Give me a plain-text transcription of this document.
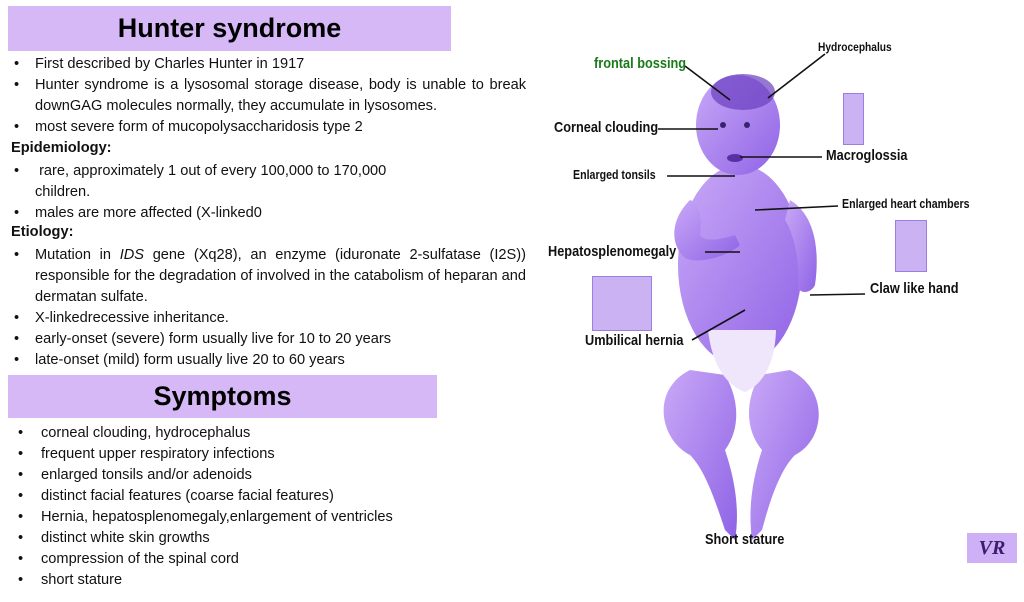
Hunter syndrome
• First described by Charles Hunter in 1917
• Hunter syndrome is a lysosomal storage disease, body is unable to break downGAG molecules normally, they accumulate in lysosomes.
• most severe form of mucopolysaccharidosis type 2
Epidemiology:
•  rare, approximately 1 out of every 100,000 to 170,000 children.
• males are more affected (X-linked0
Etiology:
• Mutation in IDS gene (Xq28), an enzyme (iduronate 2-sulfatase (I2S)) responsible for the degradation of involved in the catabolism of heparan and dermatan sulfate.
• X-linkedrecessive inheritance.
• early-onset (severe) form usually live for 10 to 20 years
• late-onset (mild) form usually live 20 to 60 years
Symptoms
• corneal clouding, hydrocephalus
• frequent upper respiratory infections
• enlarged tonsils and/or adenoids
• distinct facial features (coarse facial features)
• Hernia, hepatosplenomegaly,enlargement of ventricles
• distinct white skin growths
• compression of the spinal cord
• short stature
frontal bossing
Hydrocephalus
Corneal clouding
Macroglossia
Enlarged tonsils
Enlarged heart chambers
Hepatosplenomegaly
Claw like hand
Umbilical hernia
Short stature	VR
